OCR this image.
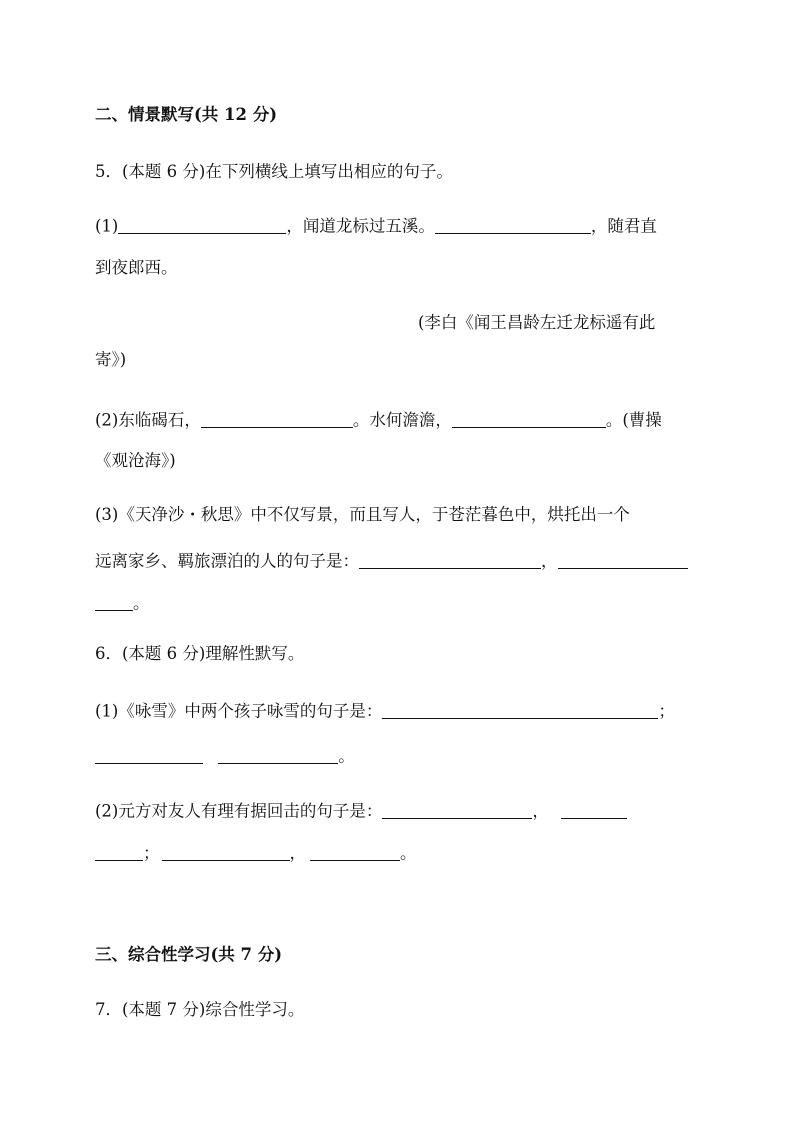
二、情景默写(共 12 分)
5．(本题 6 分)在下列横线上填写出相应的句子。
(1)	，闻道龙标过五溪。	，随君直
到夜郎西。
(李白《闻王昌龄左迁龙标遥有此
寄》)
(2)东临碣石，	。水何澹澹，	。(曹操
《观沧海》)
(3)《天净沙・秋思》中不仅写景，而且写人，于苍茫暮色中，烘托出一个
远离家乡、羁旅漂泊的人的句子是：	，
。
6．(本题 6 分)理解性默写。
(1)《咏雪》中两个孩子咏雪的句子是：	；
。
(2)元方对友人有理有据回击的句子是：	，
；	，	。
三、综合性学习(共 7 分)
7．(本题 7 分)综合性学习。
